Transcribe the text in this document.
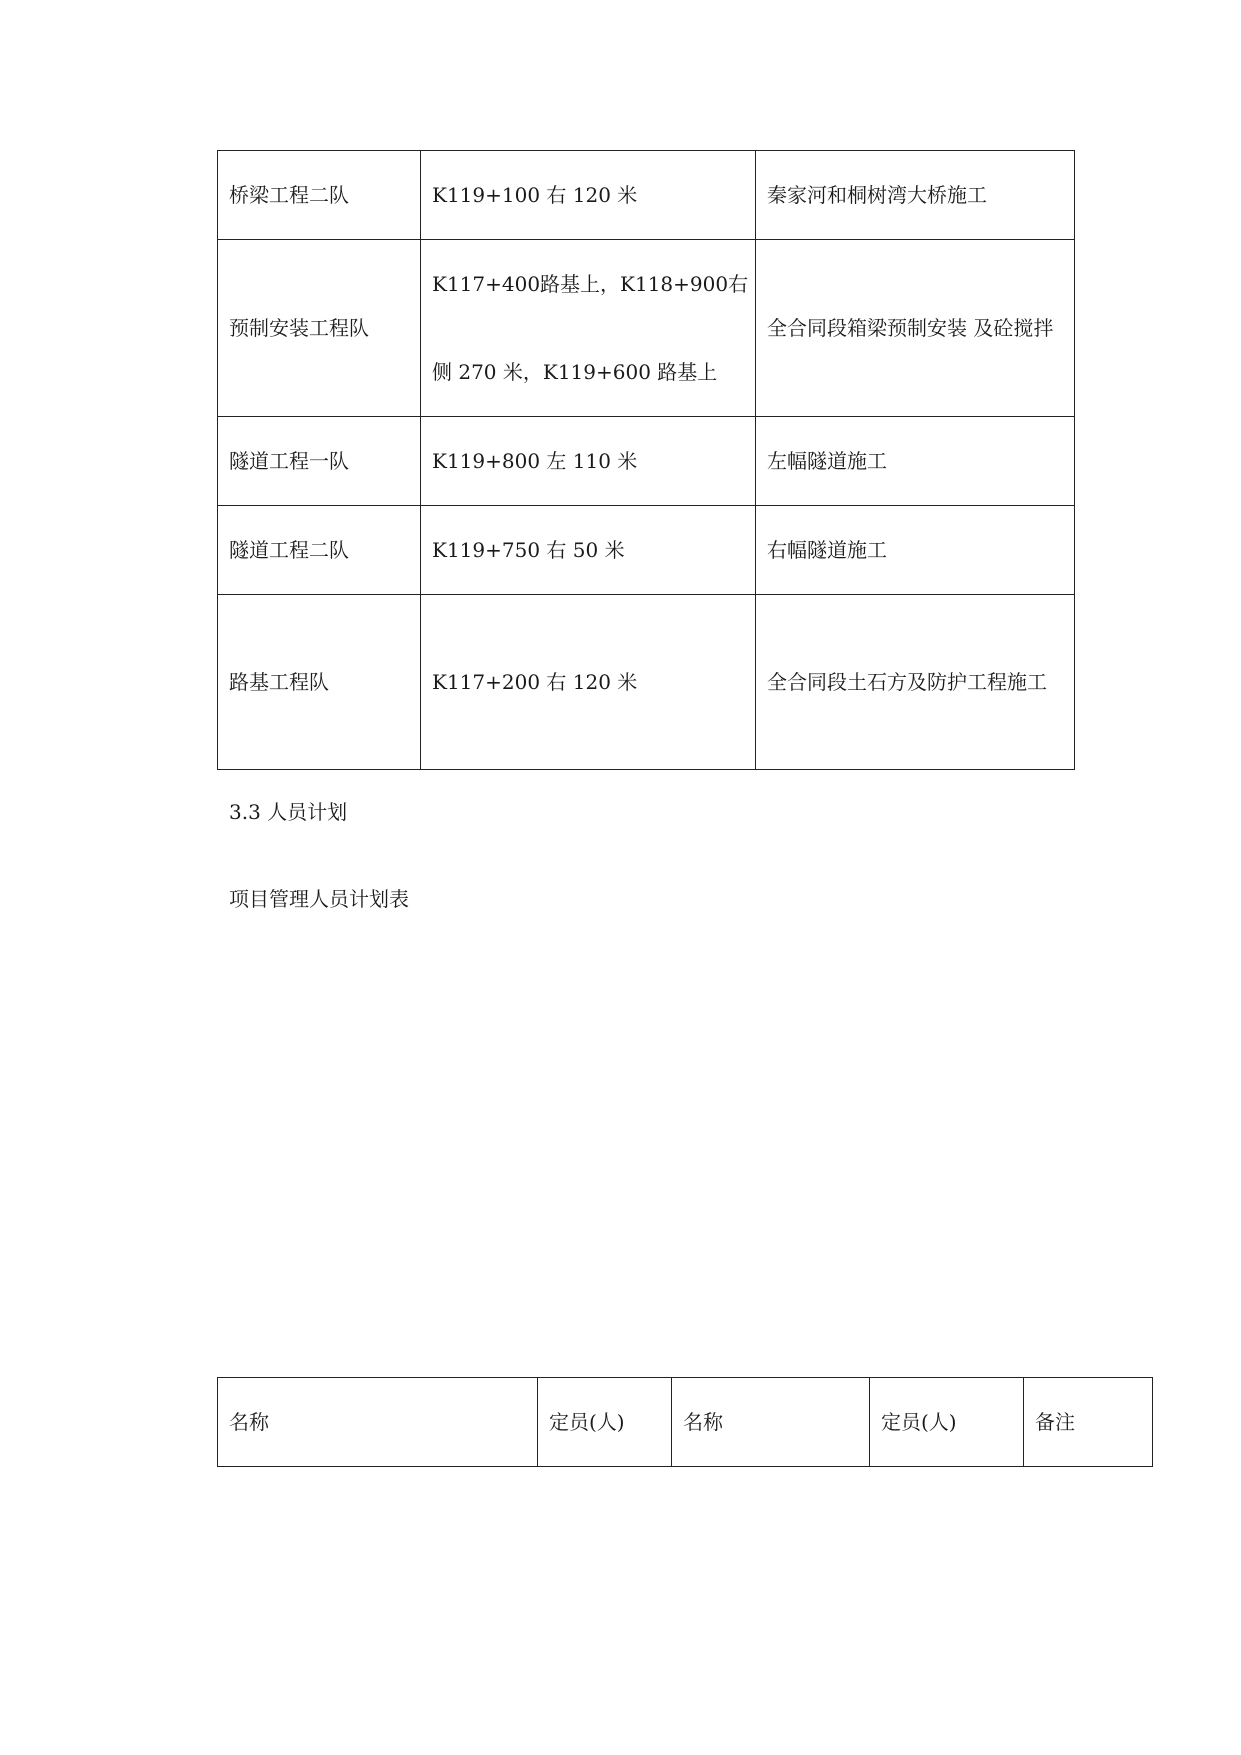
桥梁工程二队	K119+100 右 120 米	秦家河和桐树湾大桥施工
预制安装工程队	K117+400路基上，K118+900右侧 270 米，K119+600 路基上	全合同段箱梁预制安装 及砼搅拌
隧道工程一队	K119+800 左 110 米	左幅隧道施工
隧道工程二队	K119+750 右 50 米	右幅隧道施工
路基工程队	K117+200 右 120 米	全合同段土石方及防护工程施工
3.3 人员计划
项目管理人员计划表
名称	定员(人)	名称	定员(人)	备注
